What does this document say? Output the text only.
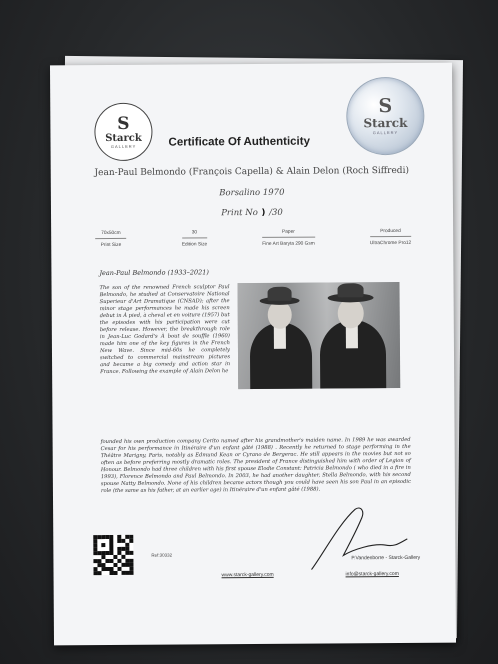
S
Starck
GALLERY
S
Starck
GALLERY
Certificate Of Authenticity
Jean-Paul Belmondo (François Capella) & Alain Delon (Roch Siffredi)
Borsalino 1970
Print No ) /30
70x50cm
Print Size
30
Edition Size
Paper
Fine Art Baryta 290 Gsm
Produced
UltraChrome Pro12
Jean-Paul Belmondo (1933–2021)
The son of the renowned French sculptor Paul Belmondo, he studied at Conservatoire National Superieur d'Art Dramatique (CNSAD); after the minor stage performances he made his screen debut in À pied, à cheval et en voiture (1957) but the episodes with his participation were cut before release. However, the breakthrough role in Jean-Luc Godard's À bout de souffle (1960) made him one of the key figures in the French New Wave. Since mid-60s he completely switched to commercial mainstream pictures and became a big comedy and action star in France. Following the example of Alain Delon he
founded his own production company Cerito named after his grandmother's maiden name. In 1989 he was awarded Cesar for his performance in Itinéraire d'un enfant gâté (1988) . Recently he returned to stage performing in the Théâtre Marigny, Paris, notably as Edmund Kean or Cyrano de Bergerac. He still appears in the movies but not so often as before preferring mostly dramatic roles. The president of France distinguished him with order of Legion of Honour. Belmondo had three children with his first spouse Elodie Constant: Patricia Belmondo ( who died in a fire in 1993), Florence Belmondo and Paul Belmondo. In 2003, he had another daughter, Stella Belmondo, with his second spouse Natty Belmondo. None of his children became actors though you could have seen his son Paul in an episodic role (the same as his father, at an earlier age) in Itinéraire d'un enfant gâté (1988).
Ref:30332
www.starck-gallery.com
P.Vandenborre - Starck-Gallery
info@starck-gallery.com
